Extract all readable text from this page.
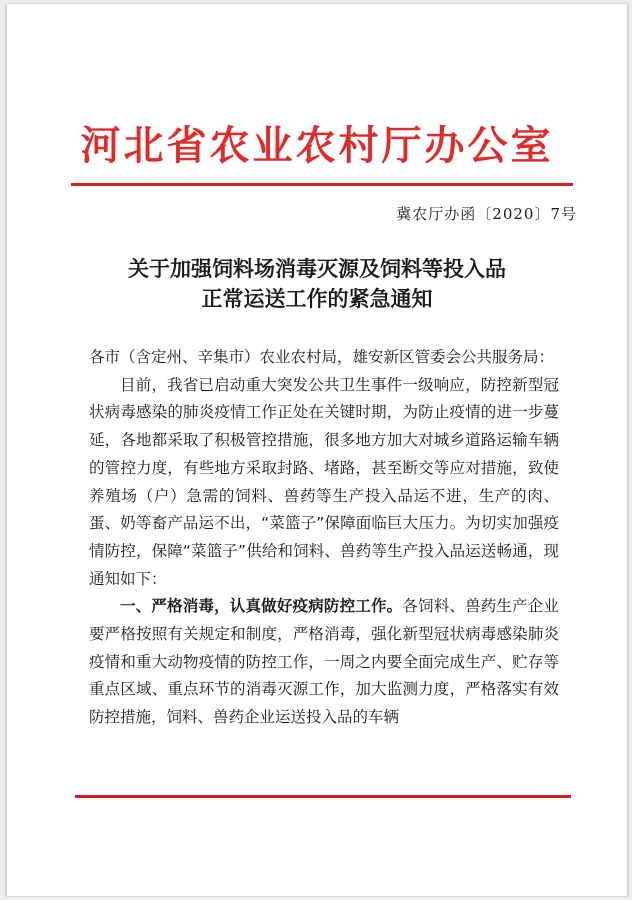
河北省农业农村厅办公室
冀农厅办函〔2020〕7号
关于加强饲料场消毒灭源及饲料等投入品
正常运送工作的紧急通知

各市（含定州、辛集市）农业农村局，雄安新区管委会公共服务局：

目前，我省已启动重大突发公共卫生事件一级响应，防控新型冠状病毒感染的肺炎疫情工作正处在关键时期，为防止疫情的进一步蔓延，各地都采取了积极管控措施，很多地方加大对城乡道路运输车辆的管控力度，有些地方采取封路、堵路，甚至断交等应对措施，致使养殖场（户）急需的饲料、兽药等生产投入品运不进，生产的肉、蛋、奶等畜产品运不出，“菜篮子”保障面临巨大压力。为切实加强疫情防控，保障“菜篮子”供给和饲料、兽药等生产投入品运送畅通，现通知如下：

一、严格消毒，认真做好疫病防控工作。各饲料、兽药生产企业要严格按照有关规定和制度，严格消毒，强化新型冠状病毒感染肺炎疫情和重大动物疫情的防控工作，一周之内要全面完成生产、贮存等重点区域、重点环节的消毒灭源工作，加大监测力度，严格落实有效防控措施，饲料、兽药企业运送投入品的车辆
